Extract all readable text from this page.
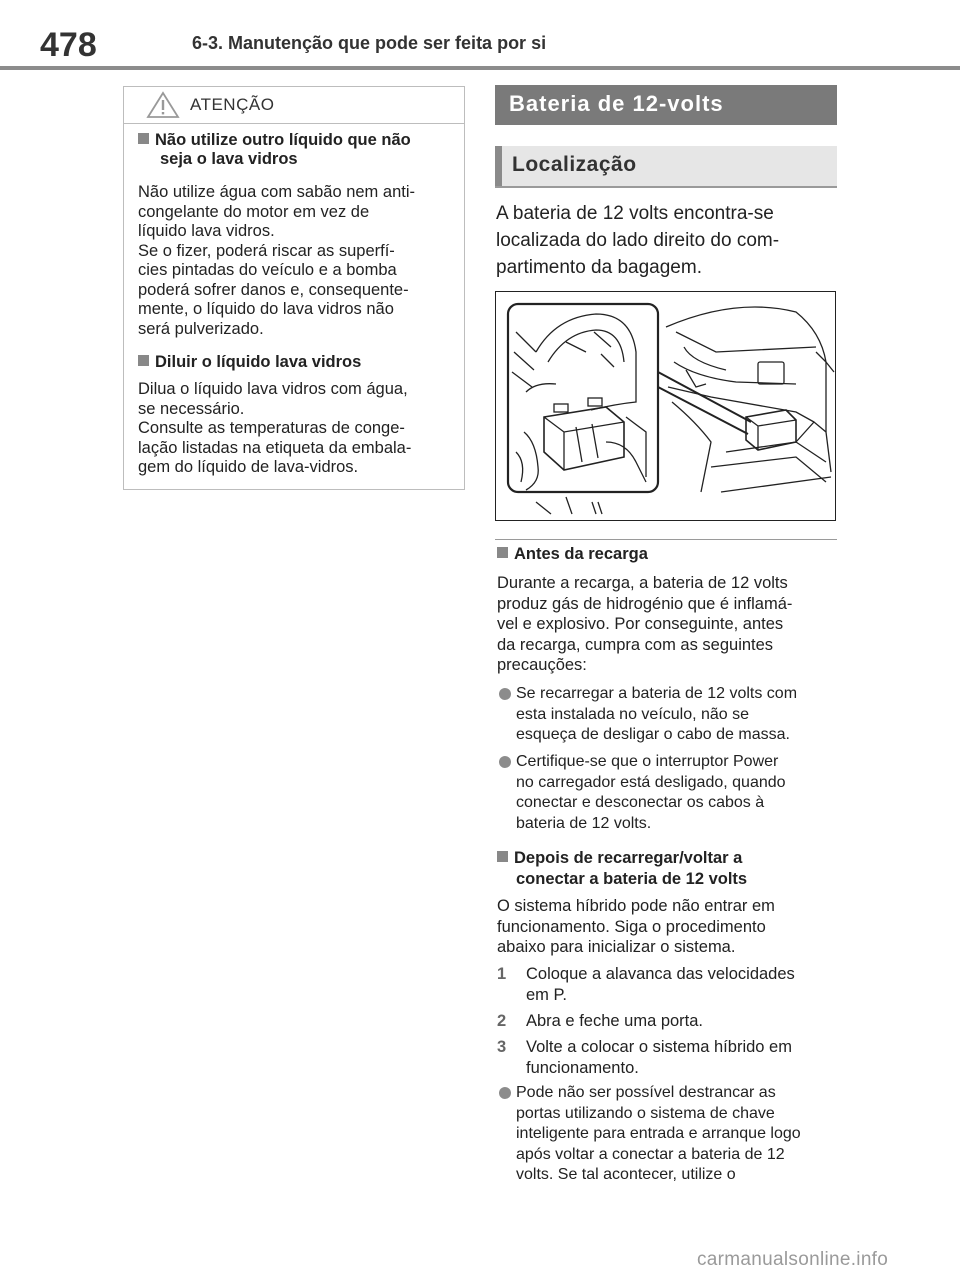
478	6-3. Manutenção que pode ser feita por si
ATENÇÃO
Não utilize outro líquido que não
seja o lava vidros
Não utilize água com sabão nem anti-
congelante do motor em vez de
líquido lava vidros.
Se o fizer, poderá riscar as superfí-
cies pintadas do veículo e a bomba
poderá sofrer danos e, consequente-
mente, o líquido do lava vidros não
será pulverizado.
Diluir o líquido lava vidros
Dilua o líquido lava vidros com água,
se necessário.
Consulte as temperaturas de conge-
lação listadas na etiqueta da embala-
gem do líquido de lava-vidros.
Bateria de 12-volts
Localização
A bateria de 12 volts encontra-se
localizada do lado direito do com-
partimento da bagagem.
Antes da recarga
Durante a recarga, a bateria de 12 volts
produz gás de hidrogénio que é inflamá-
vel e explosivo. Por conseguinte, antes
da recarga, cumpra com as seguintes
precauções:
Se recarregar a bateria de 12 volts com
esta instalada no veículo, não se
esqueça de desligar o cabo de massa.
Certifique-se que o interruptor Power
no carregador está desligado, quando
conectar e desconectar os cabos à
bateria de 12 volts.
Depois de recarregar/voltar a
conectar a bateria de 12 volts
O sistema híbrido pode não entrar em
funcionamento. Siga o procedimento
abaixo para inicializar o sistema.
1 Coloque a alavanca das velocidades
em P.
2 Abra e feche uma porta.
3 Volte a colocar o sistema híbrido em
funcionamento.
Pode não ser possível destrancar as
portas utilizando o sistema de chave
inteligente para entrada e arranque logo
após voltar a conectar a bateria de 12
volts. Se tal acontecer, utilize o
carmanualsonline.info
